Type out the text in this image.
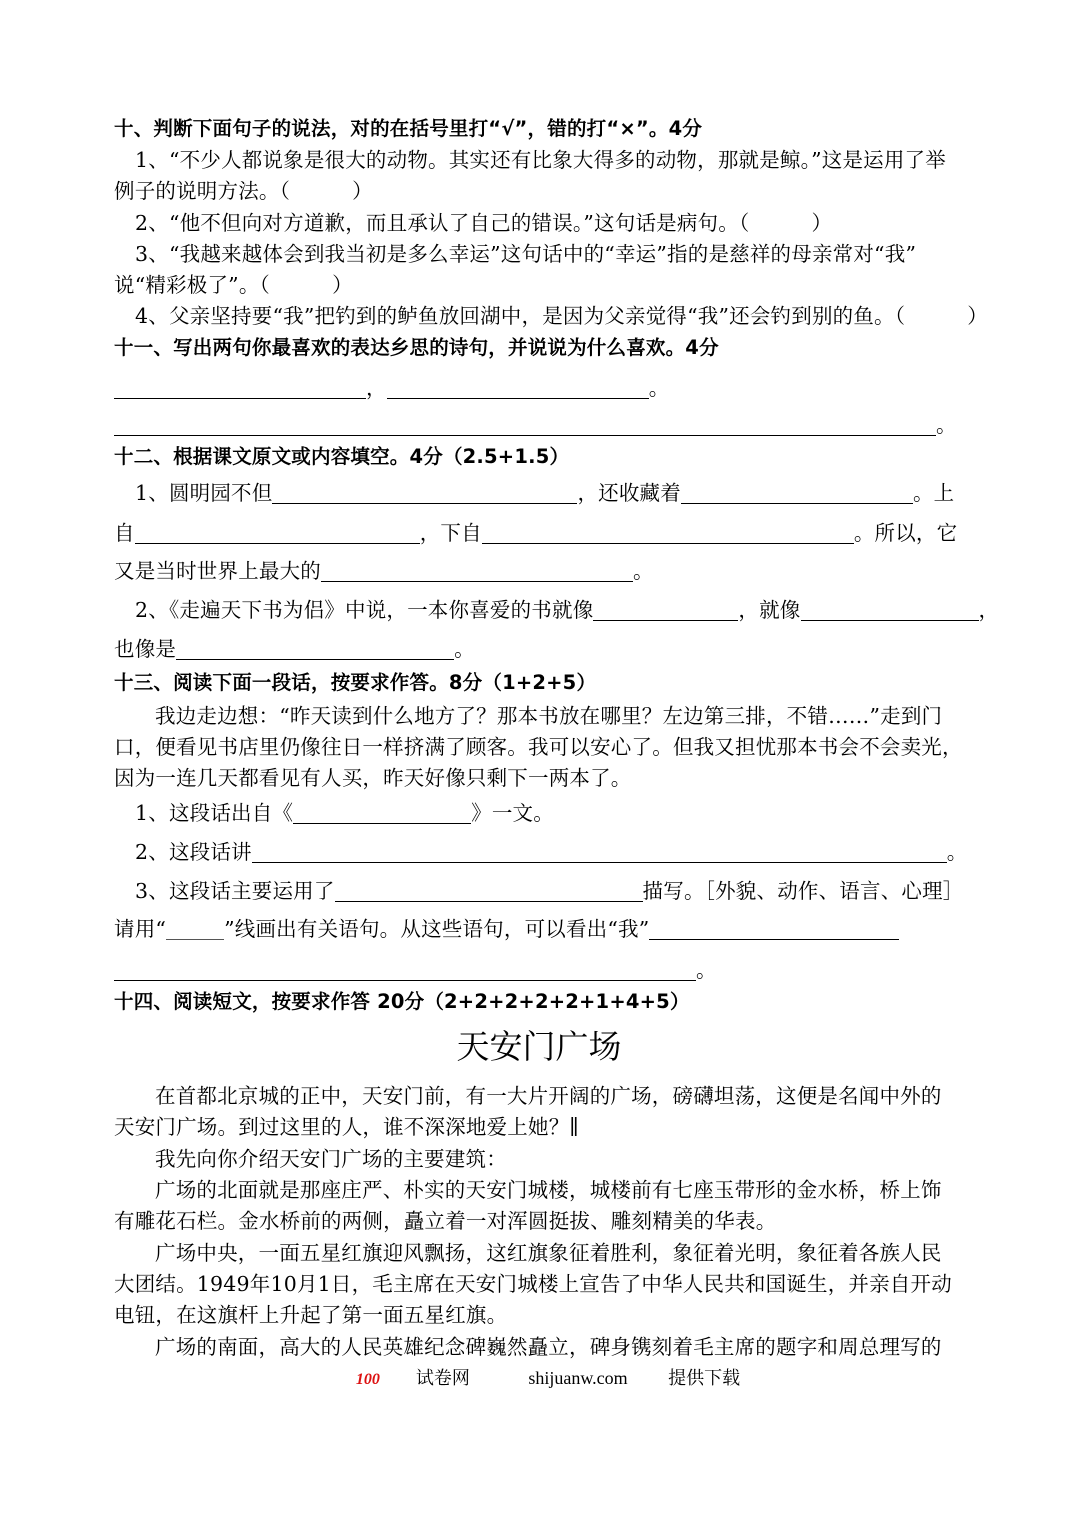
十、判断下面句子的说法，对的在括号里打“√”，错的打“×”。4分
1、“不少人都说象是很大的动物。其实还有比象大得多的动物，那就是鲸。”这是运用了举
例子的说明方法。（　　　）
2、“他不但向对方道歉，而且承认了自己的错误。”这句话是病句。（　　　）
3、“我越来越体会到我当初是多么幸运”这句话中的“幸运”指的是慈祥的母亲常对“我”
说“精彩极了”。（　　　）
4、父亲坚持要“我”把钓到的鲈鱼放回湖中，是因为父亲觉得“我”还会钓到别的鱼。（　　　）
十一、写出两句你最喜欢的表达乡思的诗句，并说说为什么喜欢。4分
，	。
。
十二、根据课文原文或内容填空。4分（2.5+1.5）
1、圆明园不但	，还收藏着	。上
自	，下自	。所以，它
又是当时世界上最大的	。
2、《走遍天下书为侣》中说，一本你喜爱的书就像	，就像	，
也像是	。
十三、阅读下面一段话，按要求作答。8分（1+2+5）
我边走边想：“昨天读到什么地方了？那本书放在哪里？左边第三排，不错……”走到门
口，便看见书店里仍像往日一样挤满了顾客。我可以安心了。但我又担忧那本书会不会卖光，
因为一连几天都看见有人买，昨天好像只剩下一两本了。
1、这段话出自《	》一文。
2、这段话讲	。
3、这段话主要运用了	描写。［外貌、动作、语言、心理］
请用“	”线画出有关语句。从这些语句，可以看出“我”
。
十四、阅读短文，按要求作答 20分（2+2+2+2+2+1+4+5）
天安门广场
在首都北京城的正中，天安门前，有一大片开阔的广场，磅礴坦荡，这便是名闻中外的
天安门广场。到过这里的人，谁不深深地爱上她？∥
我先向你介绍天安门广场的主要建筑：
广场的北面就是那座庄严、朴实的天安门城楼，城楼前有七座玉带形的金水桥，桥上饰
有雕花石栏。金水桥前的两侧，矗立着一对浑圆挺拔、雕刻精美的华表。
广场中央，一面五星红旗迎风飘扬，这红旗象征着胜利，象征着光明，象征着各族人民
大团结。1949年10月1日，毛主席在天安门城楼上宣告了中华人民共和国诞生，并亲自开动
电钮，在这旗杆上升起了第一面五星红旗。
广场的南面，高大的人民英雄纪念碑巍然矗立，碑身镌刻着毛主席的题字和周总理写的
100 试卷网	shijuanw.com 提供下载
